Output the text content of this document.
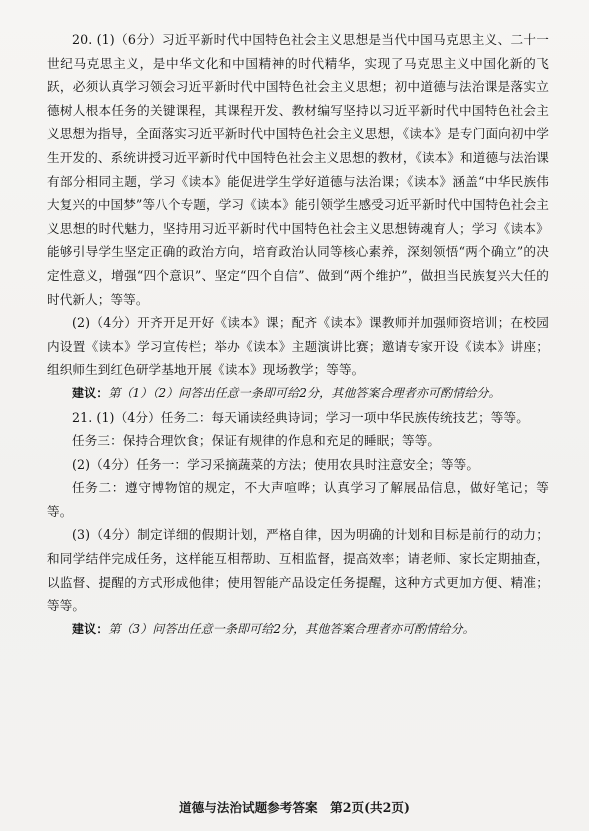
20. (1)（6分）习近平新时代中国特色社会主义思想是当代中国马克思主义、二十一世纪马克思主义，是中华文化和中国精神的时代精华，实现了马克思主义中国化新的飞跃，必须认真学习领会习近平新时代中国特色社会主义思想；初中道德与法治课是落实立德树人根本任务的关键课程，其课程开发、教材编写坚持以习近平新时代中国特色社会主义思想为指导，全面落实习近平新时代中国特色社会主义思想，《读本》是专门面向初中学生开发的、系统讲授习近平新时代中国特色社会主义思想的教材，《读本》和道德与法治课有部分相同主题，学习《读本》能促进学生学好道德与法治课；《读本》涵盖“中华民族伟大复兴的中国梦”等八个专题，学习《读本》能引领学生感受习近平新时代中国特色社会主义思想的时代魅力，坚持用习近平新时代中国特色社会主义思想铸魂育人；学习《读本》能够引导学生坚定正确的政治方向，培育政治认同等核心素养，深刻领悟“两个确立”的决定性意义，增强“四个意识”、坚定“四个自信”、做到“两个维护”，做担当民族复兴大任的时代新人；等等。

(2)（4分）开齐开足开好《读本》课；配齐《读本》课教师并加强师资培训；在校园内设置《读本》学习宣传栏；举办《读本》主题演讲比赛；邀请专家开设《读本》讲座；组织师生到红色研学基地开展《读本》现场教学；等等。

建议：第（1）（2）问答出任意一条即可给2分，其他答案合理者亦可酌情给分。

21. (1)（4分）任务二：每天诵读经典诗词；学习一项中华民族传统技艺；等等。

任务三：保持合理饮食；保证有规律的作息和充足的睡眠；等等。

(2)（4分）任务一：学习采摘蔬菜的方法；使用农具时注意安全；等等。

任务二：遵守博物馆的规定，不大声喧哗；认真学习了解展品信息，做好笔记；等等。

(3)（4分）制定详细的假期计划，严格自律，因为明确的计划和目标是前行的动力；和同学结伴完成任务，这样能互相帮助、互相监督，提高效率；请老师、家长定期抽查，以监督、提醒的方式形成他律；使用智能产品设定任务提醒，这种方式更加方便、精准；等等。

建议：第（3）问答出任意一条即可给2分，其他答案合理者亦可酌情给分。

道德与法治试题参考答案　第2页(共2页)
